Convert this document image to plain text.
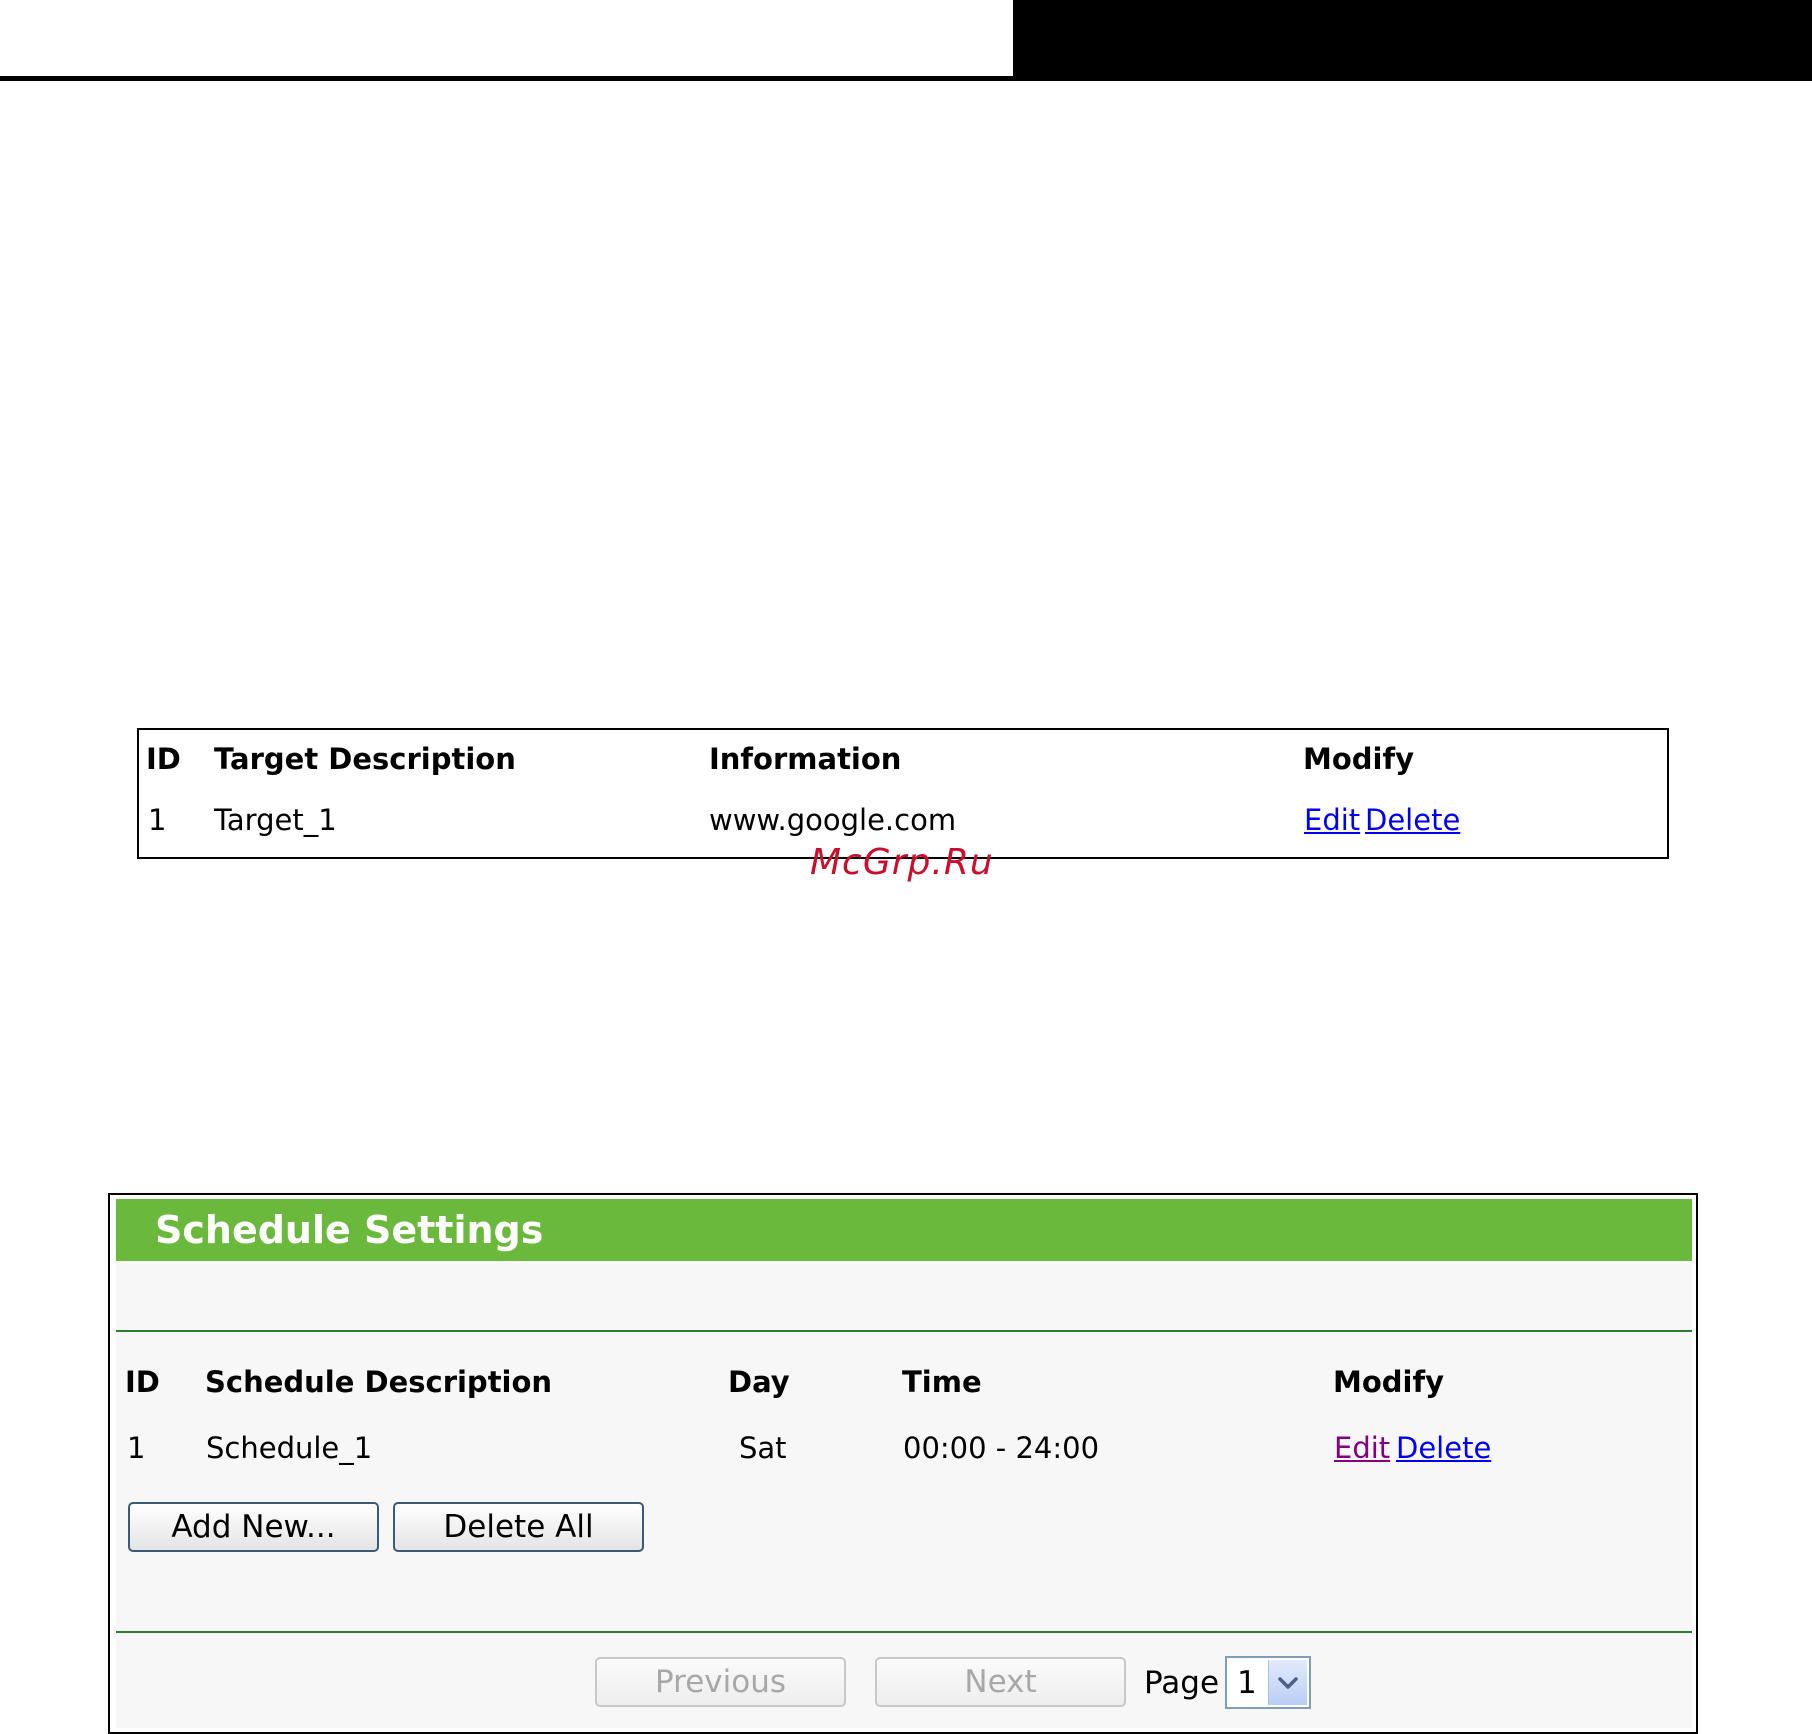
ID Target Description	Information	Modify
1 Target_1	www.google.com	Edit Delete
McGrp.Ru
Schedule Settings
ID Schedule Description	Day	Time	Modify
1 Schedule_1	Sat	00:00 - 24:00	Edit Delete
Add New...	Delete All
Previous	Next	Page 1
